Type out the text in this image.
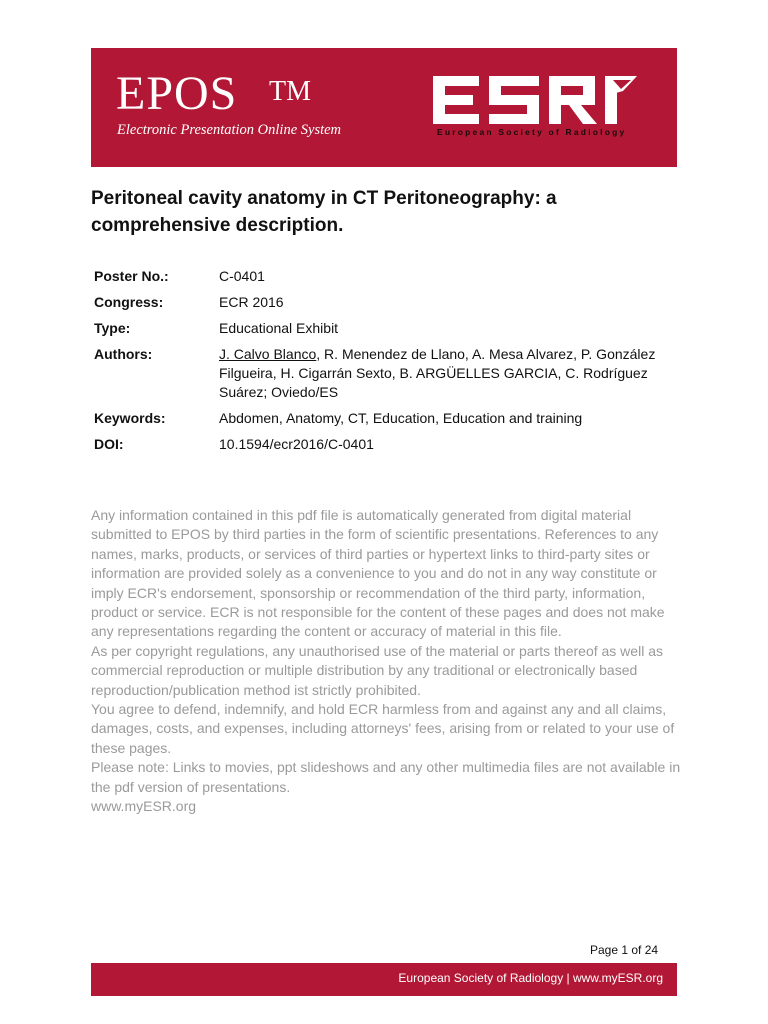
EPOS TM
Electronic Presentation Online System	European Society of Radiology
Peritoneal cavity anatomy in CT Peritoneography: a comprehensive description.
Poster No.:	C-0401
Congress:	ECR 2016
Type:	Educational Exhibit
Authors:	J. Calvo Blanco, R. Menendez de Llano, A. Mesa Alvarez, P. González Filgueira, H. Cigarrán Sexto, B. ARGÜELLES GARCIA, C. Rodríguez Suárez; Oviedo/ES
Keywords:	Abdomen, Anatomy, CT, Education, Education and training
DOI:	10.1594/ecr2016/C-0401

Any information contained in this pdf file is automatically generated from digital material submitted to EPOS by third parties in the form of scientific presentations. References to any names, marks, products, or services of third parties or hypertext links to third-party sites or information are provided solely as a convenience to you and do not in any way constitute or imply ECR's endorsement, sponsorship or recommendation of the third party, information, product or service. ECR is not responsible for the content of these pages and does not make any representations regarding the content or accuracy of material in this file.

As per copyright regulations, any unauthorised use of the material or parts thereof as well as commercial reproduction or multiple distribution by any traditional or electronically based reproduction/publication method ist strictly prohibited.

You agree to defend, indemnify, and hold ECR harmless from and against any and all claims, damages, costs, and expenses, including attorneys' fees, arising from or related to your use of these pages.

Please note: Links to movies, ppt slideshows and any other multimedia files are not available in the pdf version of presentations.

www.myESR.org

Page 1 of 24
European Society of Radiology | www.myESR.org
